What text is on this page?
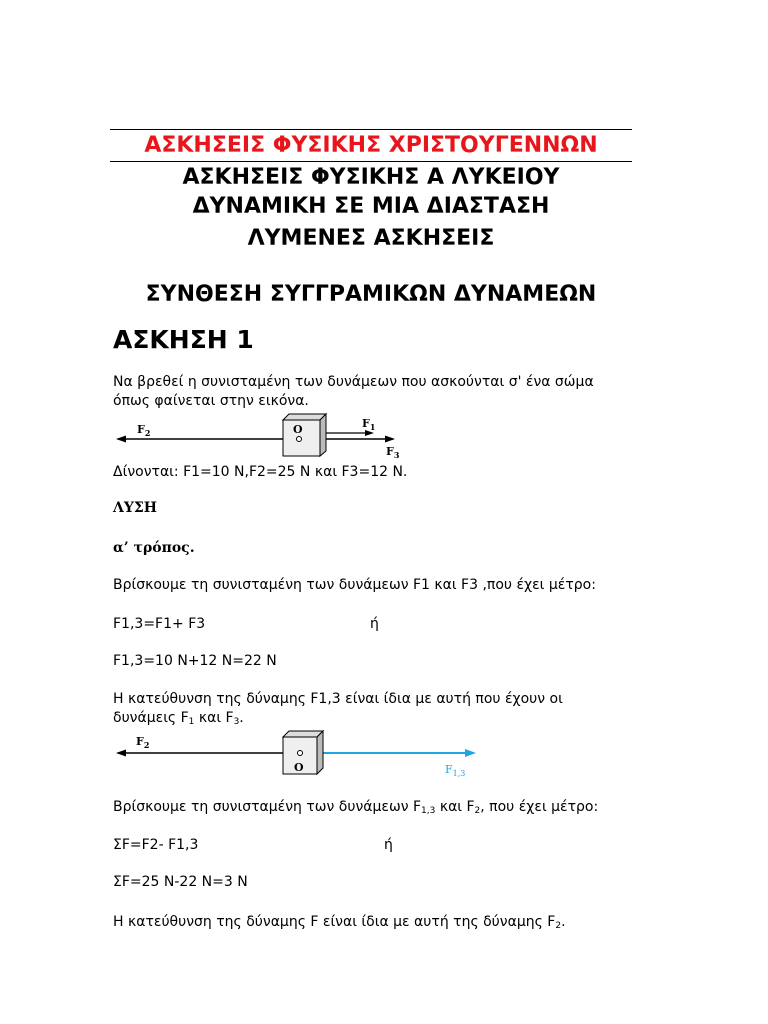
ΑΣΚΗΣΕΙΣ ΦΥΣΙΚΗΣ ΧΡΙΣΤΟΥΓΕΝΝΩΝ
ΑΣΚΗΣΕΙΣ ΦΥΣΙΚΗΣ Α ΛΥΚΕΙΟΥ
ΔΥΝΑΜΙΚΗ ΣΕ ΜΙΑ ΔΙΑΣΤΑΣΗ
ΛΥΜΕΝΕΣ ΑΣΚΗΣΕΙΣ
ΣΥΝΘΕΣΗ ΣΥΓΓΡΑΜΙΚΩΝ ΔΥΝΑΜΕΩΝ
ΑΣΚΗΣΗ 1
Να βρεθεί η συνισταμένη των δυνάμεων που ασκούνται σ' ένα σώμα
όπως φαίνεται στην εικόνα.
O
$F_2$
$F_1$
$F_3$
Δίνονται: F1=10 N,F2=25 N και F3=12 N.
ΛΥΣΗ
α’ τρόπος.
Βρίσκουμε τη συνισταμένη των δυνάμεων F1 και F3 ,που έχει μέτρο:
F1,3=F1+ F3	ή
F1,3=10 N+12 N=22 N
Η κατεύθυνση της δύναμης F1,3 είναι ίδια με αυτή που έχουν οι
δυνάμεις $F_1$ και $F_3$.
O
$F_2$
$F_{1,3}$
Βρίσκουμε τη συνισταμένη των δυνάμεων $F_{1,3}$ και $F_2$, που έχει μέτρο:
ΣF=F2- F1,3	ή
ΣF=25 N-22 N=3 N
Η κατεύθυνση της δύναμης F είναι ίδια με αυτή της δύναμης $F_2$.
